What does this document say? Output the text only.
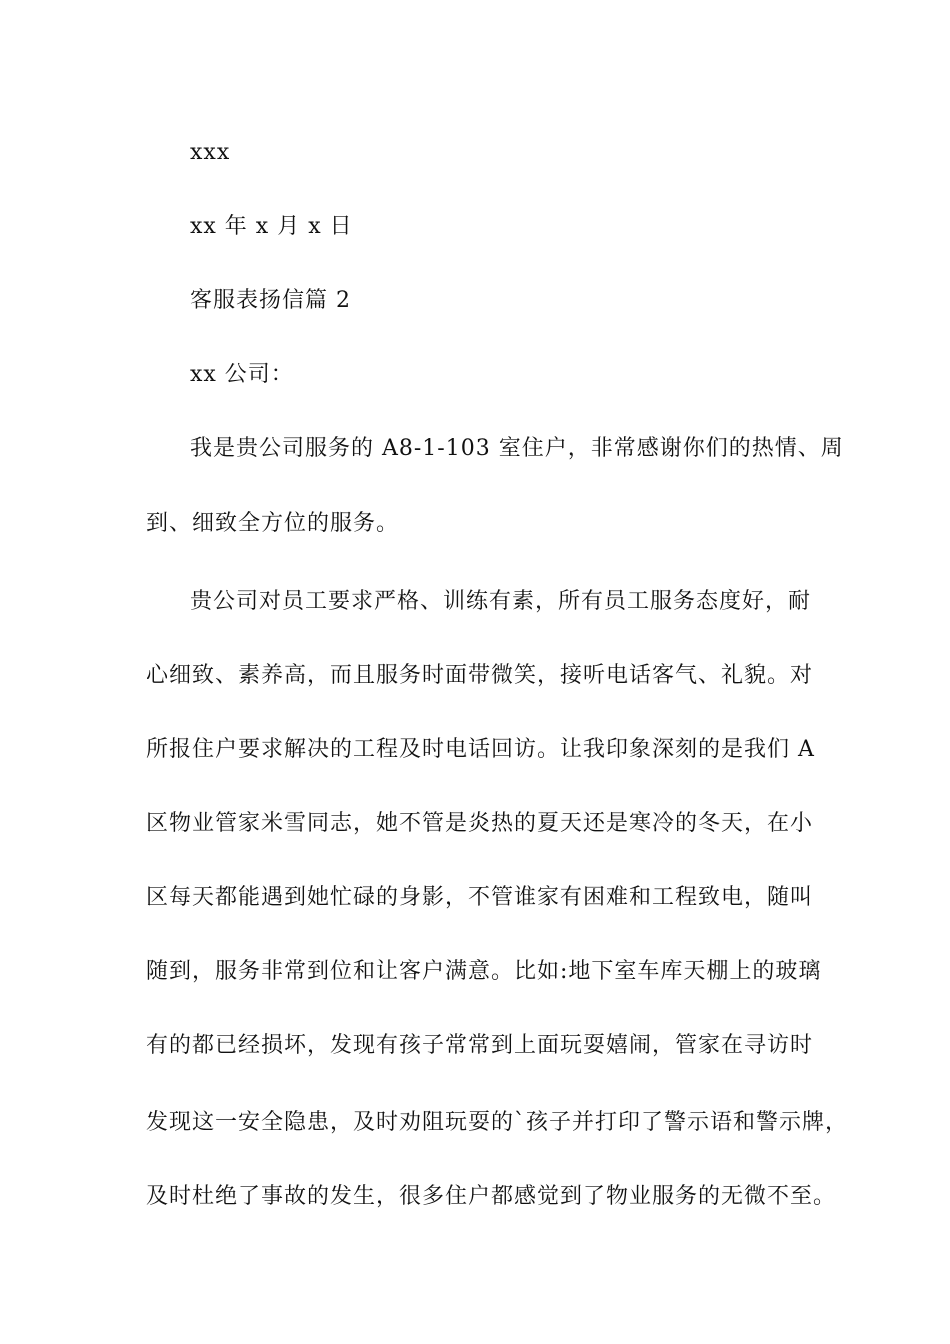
xxx
xx 年 x 月 x 日
客服表扬信篇 2
xx 公司：
我是贵公司服务的 A8-1-103 室住户，非常感谢你们的热情、周
到、细致全方位的服务。
贵公司对员工要求严格、训练有素，所有员工服务态度好，耐
心细致、素养高，而且服务时面带微笑，接听电话客气、礼貌。对
所报住户要求解决的工程及时电话回访。让我印象深刻的是我们 A
区物业管家米雪同志，她不管是炎热的夏天还是寒冷的冬天，在小
区每天都能遇到她忙碌的身影，不管谁家有困难和工程致电，随叫
随到，服务非常到位和让客户满意。比如:地下室车库天棚上的玻璃
有的都已经损坏，发现有孩子常常到上面玩耍嬉闹，管家在寻访时
发现这一安全隐患，及时劝阻玩耍的`孩子并打印了警示语和警示牌，
及时杜绝了事故的发生，很多住户都感觉到了物业服务的无微不至。
